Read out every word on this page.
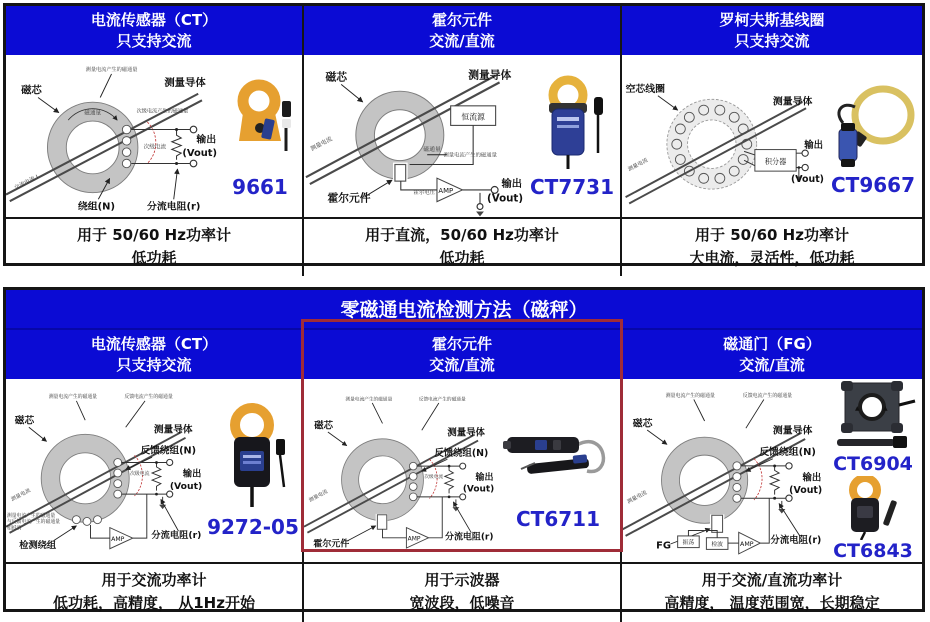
电流传感器（CT）
只支持交流
测量电流产生的磁通量
磁通量
磁芯
测量导体
次级电流产生的磁通量
次级电流
交流电流 I
绕组(N)	分流电阻(r)
输出
(Vout)
9661
用于 50/60 Hz功率计
低功耗
霍尔元件
交流/直流
磁芯	测量导体
恒流源
磁通量
测量电流产生的磁通量
测量电流
霍尔元件	霍尔电压 AMP
输出
(Vout)
CT7731
用于直流，50/60 Hz功率计
低功耗
罗柯夫斯基线圈
只支持交流
空芯线圈
测量导体
积分器
测量电流
输出
(Vout) CT9667
用于 50/60 Hz功率计
大电流，灵活性，低功耗
零磁通电流检测方法（磁秤）
电流传感器（CT）
只支持交流
测量电流产生的磁通量	反馈电流产生的磁通量
磁芯
测量导体
反馈绕组(N)
次级电流	输出
(Vout)
分流电阻(r)
检测绕组
AMP
测量电流
测量电流产生的磁通量
与反馈电流产生的磁通量
相抵消	9272-05
用于交流功率计
低功耗，高精度， 从1Hz开始
霍尔元件
交流/直流
测量电流产生的磁通量	反馈电流产生的磁通量
磁芯
测量导体
反馈绕组(N)
次级电流	输出
(Vout)
分流电阻(r)
霍尔元件
AMP
测量电流
CT6711
用于示波器
宽波段，低噪音
磁通门（FG）
交流/直流
测量电流产生的磁通量	反馈电流产生的磁通量
磁芯
测量导体
反馈绕组(N)
输出
(Vout)
分流电阻(r)
FG 振荡	检波 AMP
测量电流
▲	▲
CT6904
CT6843
用于交流/直流功率计
高精度， 温度范围宽，长期稳定
